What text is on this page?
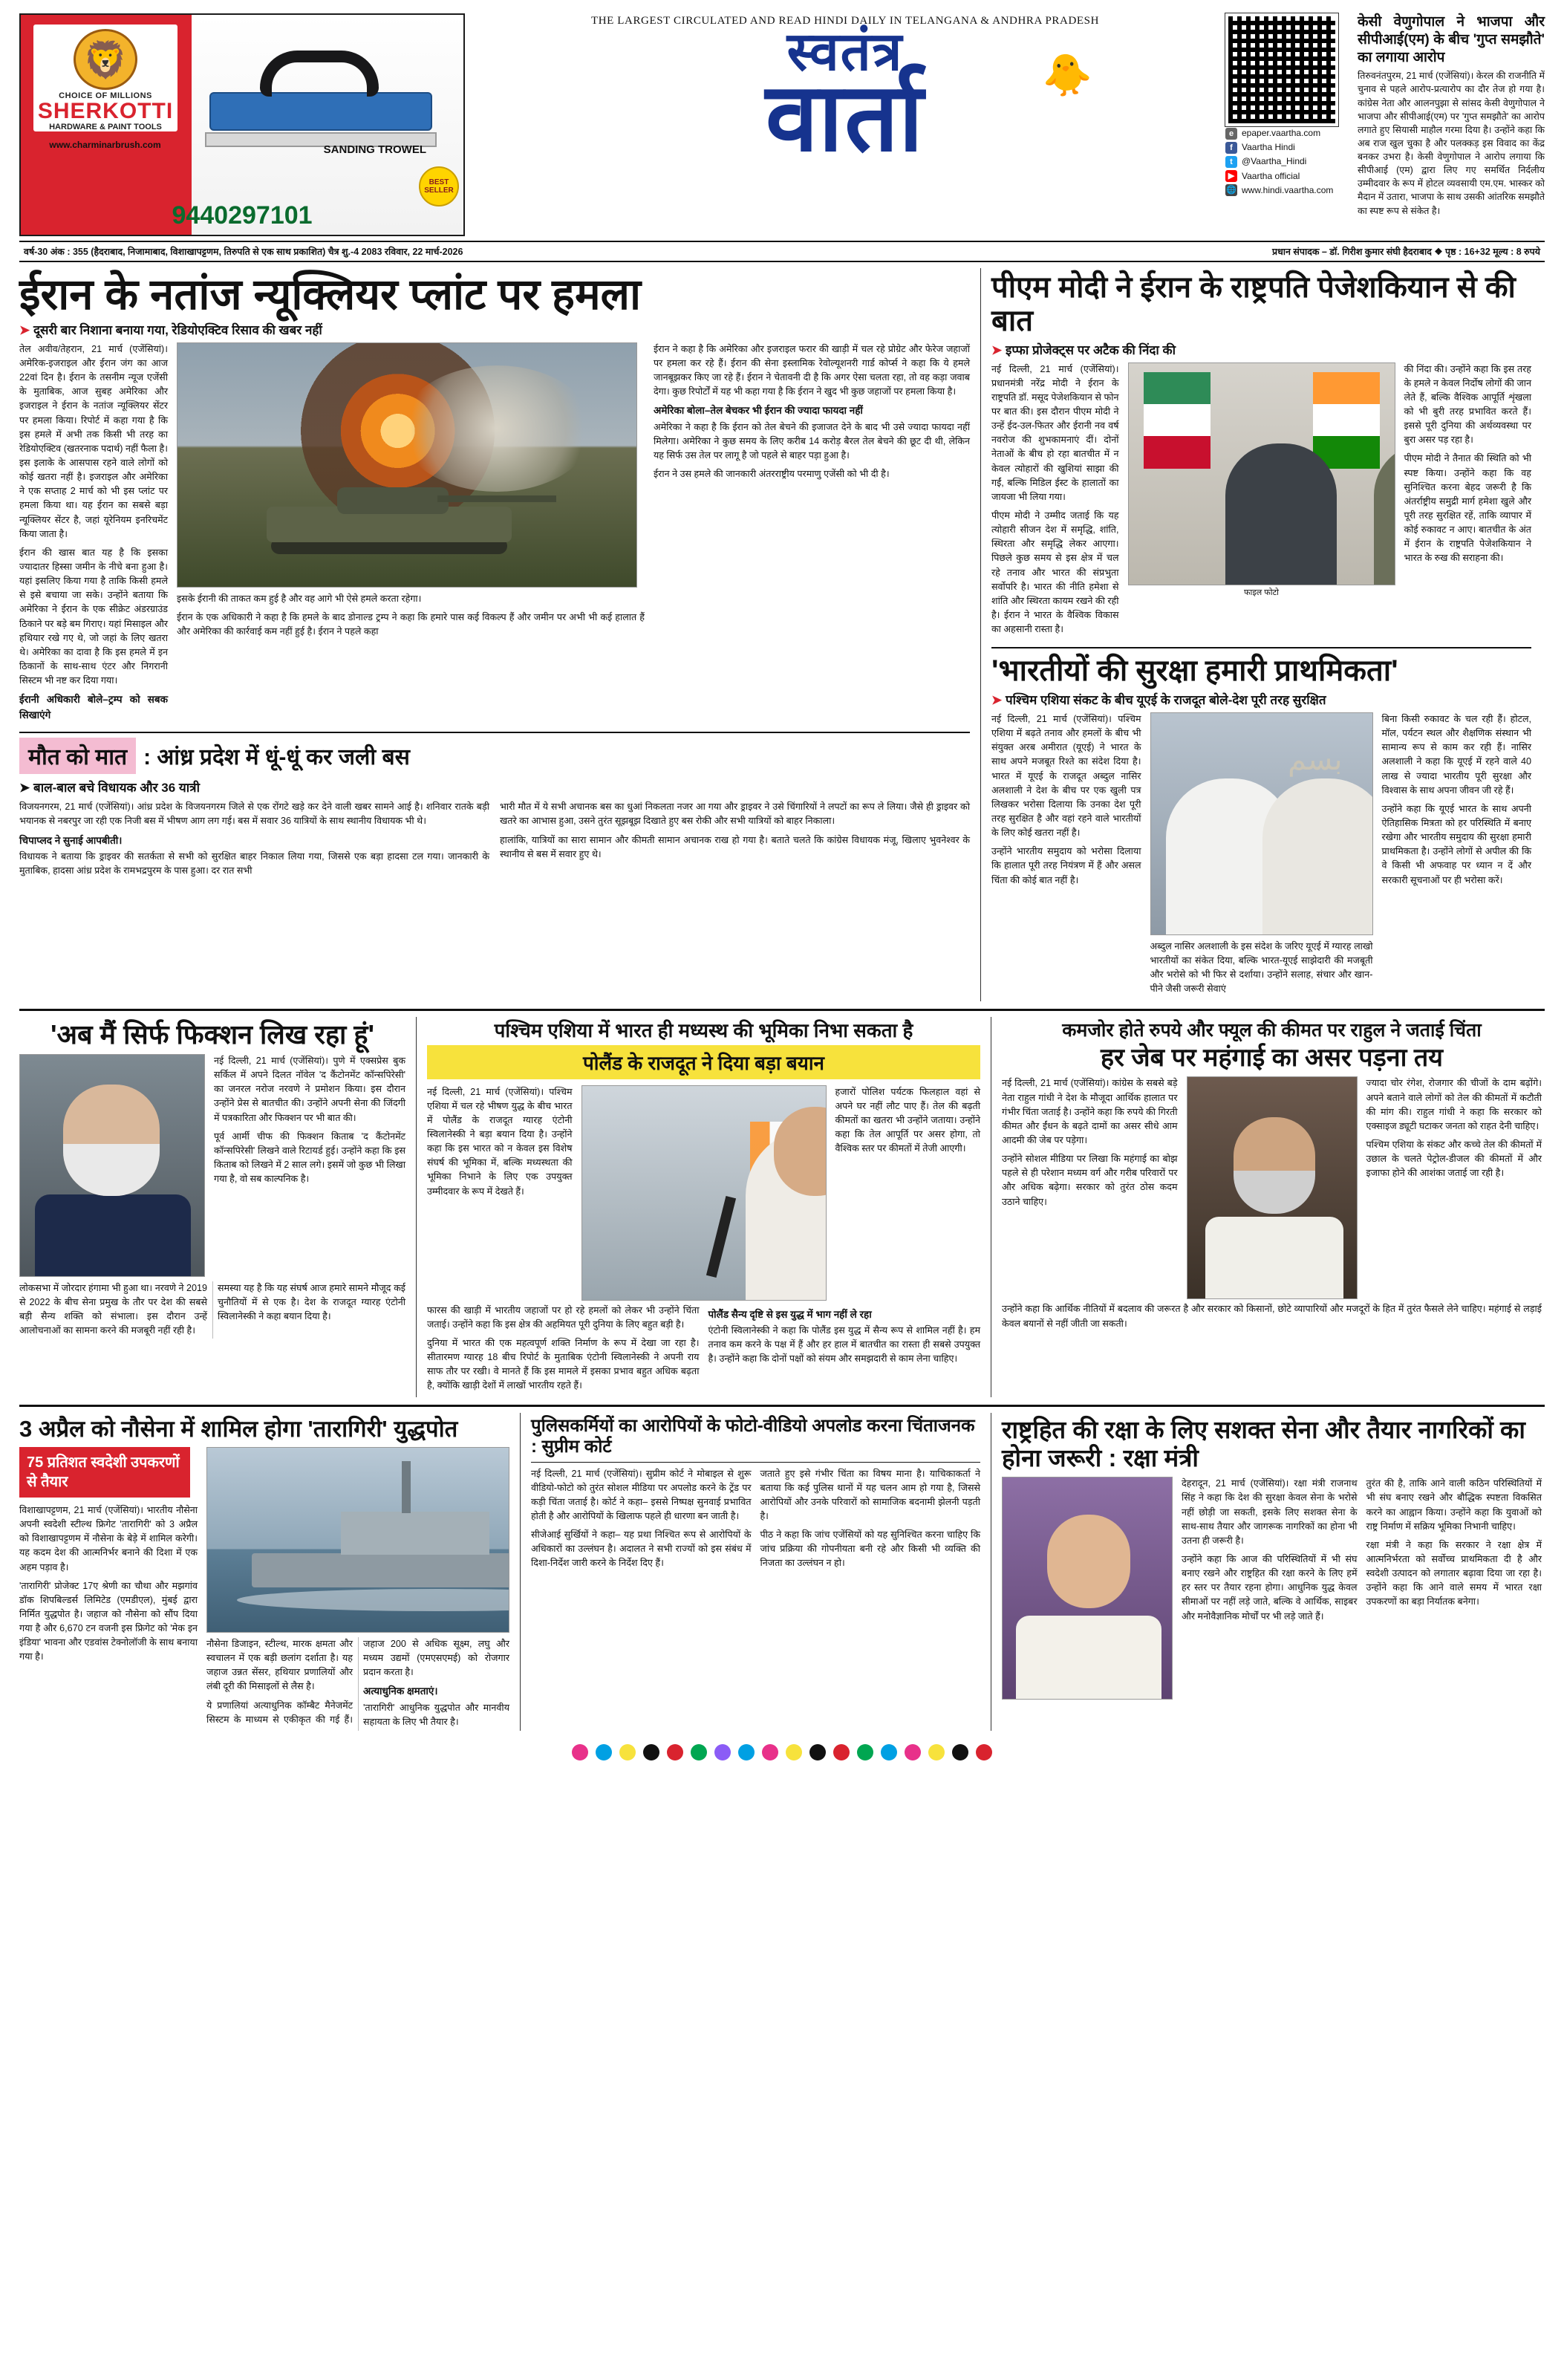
🦁
CHOICE OF MILLIONS
SHERKOTTI
HARDWARE & PAINT TOOLS
www.charminarbrush.com	SANDING TROWEL
BEST SELLER
9440297101
THE LARGEST CIRCULATED AND READ HINDI DAILY IN TELANGANA & ANDHRA PRADESH
स्वतंत्र
वार्ता	🐥
e epaper.vaartha.com
f	Vaartha Hindi
t	@Vaartha_Hindi
▶ Vaartha official
🌐 www.hindi.vaartha.com
केसी वेणुगोपाल ने भाजपा और सीपीआई(एम) के बीच 'गुप्त समझौते' का लगाया आरोप
तिरुवनंतपुरम, 21 मार्च (एजेंसियां)। केरल की राजनीति में चुनाव से पहले आरोप-प्रत्यारोप का दौर तेज हो गया है। कांग्रेस नेता और आलनपुझा से सांसद केसी वेणुगोपाल ने भाजपा और सीपीआई(एम) पर 'गुप्त समझौते' का आरोप लगाते हुए सियासी माहौल गरमा दिया है। उन्होंने कहा कि अब राज खुल चुका है और पलक्कड़ इस विवाद का केंद्र बनकर उभरा है। केसी वेणुगोपाल ने आरोप लगाया कि सीपीआई (एम) द्वारा लिए गए समर्थित निर्दलीय उम्मीदवार के रूप में होटल व्यवसायी एम.एम. भास्कर को मैदान में उतारा, भाजपा के साथ उसकी आंतरिक समझौते का स्पष्ट रूप से संकेत है।
वर्ष-30 अंक : 355 (हैदराबाद, निजामाबाद, विशाखापट्टणम, तिरुपति से एक साथ प्रकाशित) चैत्र शु.-4 2083 रविवार, 22 मार्च-2026	प्रधान संपादक – डॉ. गिरीश कुमार संघी हैदराबाद ❖ पृष्ठ : 16+32 मूल्य : 8 रुपये
ईरान के नतांज न्यूक्लियर प्लांट पर हमला
➤ दूसरी बार निशाना बनाया गया, रेडियोएक्टिव रिसाव की खबर नहीं

तेल अवीव/तेहरान, 21 मार्च (एजेंसियां)। अमेरिक-इजराइल और ईरान जंग का आज 22वां दिन है। ईरान के तसनीम न्यूज एजेंसी के मुताबिक, आज सुबह अमेरिका और इजराइल ने ईरान के नतांज न्यूक्लियर सेंटर पर हमला किया। रिपोर्ट में कहा गया है कि इस हमले में अभी तक किसी भी तरह का रेडियोएक्टिव (खतरनाक पदार्थ) नहीं फैला है। इस इलाके के आसपास रहने वाले लोगों को कोई खतरा नहीं है। इजराइल और अमेरिका ने एक सप्ताह 2 मार्च को भी इस प्लांट पर हमला किया था। यह ईरान का सबसे बड़ा न्यूक्लियर सेंटर है, जहां यूरेनियम इनरिचमेंट किया जाता है।

ईरान की खास बात यह है कि इसका ज्यादातर हिस्सा जमीन के नीचे बना हुआ है। यहां इसलिए किया गया है ताकि किसी हमले से इसे बचाया जा सके। उन्होंने बताया कि अमेरिका ने ईरान के एक सीक्रेट अंडरग्राउंड ठिकाने पर बड़े बम गिराए। यहां मिसाइल और हथियार रखे गए थे, जो जहां के लिए खतरा थे। अमेरिका का दावा है कि इस हमले में इन ठिकानों के साथ-साथ एंटर और निगरानी सिस्टम भी नष्ट कर दिया गया।

ईरानी अधिकारी बोले–ट्रम्प को सबक सिखाएंगे

इसके ईरानी की ताकत कम हुई है और वह आगे भी ऐसे हमले करता रहेगा।

ईरान के एक अधिकारी ने कहा है कि हमले के बाद डोनाल्ड ट्रम्प ने कहा कि हमारे पास कई विकल्प हैं और जमीन पर अभी भी कई हालात हैं और अमेरिका की कार्रवाई कम नहीं हुई है। ईरान ने पहले कहा

ईरान ने कहा है कि अमेरिका और इजराइल फरार की खाड़ी में चल रहे प्रोग्रेट और फेरेज जहाजों पर हमला कर रहे हैं। ईरान की सेना इस्लामिक रेवोल्यूशनरी गार्ड कोर्प्स ने कहा कि ये हमले जानबूझकर किए जा रहे हैं। ईरान ने चेतावनी दी है कि अगर ऐसा चलता रहा, तो वह कड़ा जवाब देगा। कुछ रिपोर्टों में यह भी कहा गया है कि ईरान ने खुद भी कुछ जहाजों पर हमला किया है।

अमेरिका बोला–तेल बेचकर भी ईरान की ज्यादा फायदा नहीं

अमेरिका ने कहा है कि ईरान को तेल बेचने की इजाजत देने के बाद भी उसे ज्यादा फायदा नहीं मिलेगा। अमेरिका ने कुछ समय के लिए करीब 14 करोड़ बैरल तेल बेचने की छूट दी थी, लेकिन यह सिर्फ उस तेल पर लागू है जो पहले से बाहर पड़ा हुआ है।

ईरान ने उस हमले की जानकारी अंतरराष्ट्रीय परमाणु एजेंसी को भी दी है।

मौत को मात : आंध्र प्रदेश में धूं-धूं कर जली बस
➤ बाल-बाल बचे विधायक और 36 यात्री

विजयनगरम, 21 मार्च (एजेंसियां)। आंध्र प्रदेश के विजयनगरम जिले से एक रोंगटे खड़े कर देने वाली खबर सामने आई है। शनिवार रातके बड़ी भयानक से नबरपुर जा रही एक निजी बस में भीषण आग लग गई। बस में सवार 36 यात्रियों के साथ स्थानीय विधायक भी थे।

चिपाप्लद ने सुनाई आपबीती।

विधायक ने बताया कि ड्राइवर की सतर्कता से सभी को सुरक्षित बाहर निकाल लिया गया, जिससे एक बड़ा हादसा टल गया। जानकारी के मुताबिक, हादसा आंध्र प्रदेश के रामभद्रपुरम के पास हुआ। दर रात सभी

भारी मौत में ये सभी अचानक बस का धुआं निकलता नजर आ गया और ड्राइवर ने उसे चिंगारियों ने लपटों का रूप ले लिया। जैसे ही ड्राइवर को खतरे का आभास हुआ, उसने तुरंत सूझबूझ दिखाते हुए बस रोकी और सभी यात्रियों को बाहर निकाला।

हालांकि, यात्रियों का सारा सामान और कीमती सामान अचानक राख हो गया है। बताते चलते कि कांग्रेस विधायक मंजू, खिलाए भुवनेश्वर के स्थानीय से बस में सवार हुए थे।

पीएम मोदी ने ईरान के राष्ट्रपति पेजेशकियान से की बात
➤ इप्फा प्रोजेक्ट्स पर अटैक की निंदा की

नई दिल्ली, 21 मार्च (एजेंसियां)। प्रधानमंत्री नरेंद्र मोदी ने ईरान के राष्ट्रपति डॉ. मसूद पेजेशकियान से फोन पर बात की। इस दौरान पीएम मोदी ने उन्हें ईद-उल-फितर और ईरानी नव वर्ष नवरोज की शुभकामनाएं दीं। दोनों नेताओं के बीच हो रहा बातचीत में न केवल त्योहारों की खुशियां साझा की गईं, बल्कि मिडिल ईस्ट के हालातों का जायजा भी लिया गया।

पीएम मोदी ने उम्मीद जताई कि यह त्योहारी सीजन देश में समृद्धि, शांति, स्थिरता और समृद्धि लेकर आएगा। पिछले कुछ समय से इस क्षेत्र में चल रहे तनाव और भारत की संप्रभुता सर्वोपरि है। भारत की नीति हमेशा से शांति और स्थिरता कायम रखने की रही है। ईरान ने भारत के वैश्विक विकास का अहसानी रास्ता है।

फाइल फोटो

की निंदा की। उन्होंने कहा कि इस तरह के हमले न केवल निर्दोष लोगों की जान लेते हैं, बल्कि वैश्विक आपूर्ति शृंखला को भी बुरी तरह प्रभावित करते हैं। इससे पूरी दुनिया की अर्थव्यवस्था पर बुरा असर पड़ रहा है।

पीएम मोदी ने तैनात की स्थिति को भी स्पष्ट किया। उन्होंने कहा कि वह सुनिश्चित करना बेहद जरूरी है कि अंतर्राष्ट्रीय समुद्री मार्ग हमेशा खुले और पूरी तरह सुरक्षित रहें, ताकि व्यापार में कोई रुकावट न आए। बातचीत के अंत में ईरान के राष्ट्रपति पेजेशकियान ने भारत के रुख की सराहना की।

'भारतीयों की सुरक्षा हमारी प्राथमिकता'
➤ पश्चिम एशिया संकट के बीच यूएई के राजदूत बोले-देश पूरी तरह सुरक्षित

नई दिल्ली, 21 मार्च (एजेंसियां)। पश्चिम एशिया में बढ़ते तनाव और हमलों के बीच भी संयुक्त अरब अमीरात (यूएई) ने भारत के साथ अपने मजबूत रिश्ते का संदेश दिया है। भारत में यूएई के राजदूत अब्दुल नासिर अलशाली ने देश के बीच पर एक खुली पत्र लिखकर भरोसा दिलाया कि उनका देश पूरी तरह सुरक्षित है और वहां रहने वाले भारतीयों के लिए कोई खतरा नहीं है।

उन्होंने भारतीय समुदाय को भरोसा दिलाया कि हालात पूरी तरह नियंत्रण में हैं और असल चिंता की कोई बात नहीं है।

بسم

अब्दुल नासिर अलशाली के इस संदेश के जरिए यूएई में ग्यारह लाखो भारतीयों का संकेत दिया, बल्कि भारत-यूएई साझेदारी की मजबूती और भरोसे को भी फिर से दर्शाया। उन्होंने सलाह, संचार और खान-पीने जैसी जरूरी सेवाएं

बिना किसी रुकावट के चल रही हैं। होटल, मॉल, पर्यटन स्थल और शैक्षणिक संस्थान भी सामान्य रूप से काम कर रही हैं। नासिर अलशाली ने कहा कि यूएई में रहने वाले 40 लाख से ज्यादा भारतीय पूरी सुरक्षा और विश्वास के साथ अपना जीवन जी रहे हैं।

उन्होंने कहा कि यूएई भारत के साथ अपनी ऐतिहासिक मित्रता को हर परिस्थिति में बनाए रखेगा और भारतीय समुदाय की सुरक्षा हमारी प्राथमिकता है। उन्होंने लोगों से अपील की कि वे किसी भी अफवाह पर ध्यान न दें और सरकारी सूचनाओं पर ही भरोसा करें।

'अब मैं सिर्फ फिक्शन लिख रहा हूं'

नई दिल्ली, 21 मार्च (एजेंसियां)। पुणे में एक्सप्रेस बुक सर्किल में अपने दिलत नॉवेल 'द कैंटोनमेंट कॉन्सपिरेसी' का जनरल नरोज नरवणे ने प्रमोशन किया। इस दौरान उन्होंने प्रेस से बातचीत की। उन्होंने अपनी सेना की जिंदगी में पत्रकारिता और फिक्शन पर भी बात की।

पूर्व आर्मी चीफ की फिक्शन किताब 'द कैंटोनमेंट कॉन्सपिरेसी' लिखने वाले रिटायर्ड हुई। उन्होंने कहा कि इस किताब को लिखने में 2 साल लगे। इसमें जो कुछ भी लिखा गया है, वो सब काल्पनिक है।

लोकसभा में जोरदार हंगामा भी हुआ था। नरवणे ने 2019 से 2022 के बीच सेना प्रमुख के तौर पर देश की सबसे बड़ी सैन्य शक्ति को संभाला। इस दौरान उन्हें आलोचनाओं का सामना करने की मजबूरी नहीं रही है।

समस्या यह है कि यह संघर्ष आज हमारे सामने मौजूद कई चुनौतियों में से एक है। देश के राजदूत ग्यारह एंटोनी स्विलानेस्की ने कहा बयान दिया है।

पश्चिम एशिया में भारत ही मध्यस्थ की भूमिका निभा सकता है
पोलैंड के राजदूत ने दिया बड़ा बयान

नई दिल्ली, 21 मार्च (एजेंसियां)। पश्चिम एशिया में चल रहे भीषण युद्ध के बीच भारत में पोलैंड के राजदूत ग्यारह एंटोनी स्विलानेस्की ने बड़ा बयान दिया है। उन्होंने कहा कि इस भारत को न केवल इस विशेष संघर्ष की भूमिका में, बल्कि मध्यस्थता की भूमिका निभाने के लिए एक उपयुक्त उम्मीदवार के रूप में देखते हैं।

हजारों पोलिश पर्यटक फिलहाल वहां से अपने घर नहीं लौट पाए हैं। तेल की बढ़ती कीमतों का खतरा भी उन्होंने जताया। उन्होंने कहा कि तेल आपूर्ति पर असर होगा, तो वैश्विक स्तर पर कीमतों में तेजी आएगी।

फारस की खाड़ी में भारतीय जहाजों पर हो रहे हमलों को लेकर भी उन्होंने चिंता जताई। उन्होंने कहा कि इस क्षेत्र की अहमियत पूरी दुनिया के लिए बहुत बड़ी है।

दुनिया में भारत की एक महत्वपूर्ण शक्ति निर्माण के रूप में देखा जा रहा है। सीतारमण ग्यारह 18 बीच रिपोर्ट के मुताबिक एंटोनी स्विलानेस्की ने अपनी राय साफ तौर पर रखी। वे मानते हैं कि इस मामले में इसका प्रभाव बहुत अधिक बढ़ता है, क्योंकि खाड़ी देशों में लाखों भारतीय रहते हैं।

पोलैंड सैन्य दृष्टि से इस युद्ध में भाग नहीं ले रहा

एंटोनी स्विलानेस्की ने कहा कि पोलैंड इस युद्ध में सैन्य रूप से शामिल नहीं है। हम तनाव कम करने के पक्ष में हैं और हर हाल में बातचीत का रास्ता ही सबसे उपयुक्त है। उन्होंने कहा कि दोनों पक्षों को संयम और समझदारी से काम लेना चाहिए।

कमजोर होते रुपये और फ्यूल की कीमत पर राहुल ने जताई चिंता
हर जेब पर महंगाई का असर पड़ना तय

नई दिल्ली, 21 मार्च (एजेंसियां)। कांग्रेस के सबसे बड़े नेता राहुल गांधी ने देश के मौजूदा आर्थिक हालात पर गंभीर चिंता जताई है। उन्होंने कहा कि रुपये की गिरती कीमत और ईंधन के बढ़ते दामों का असर सीधे आम आदमी की जेब पर पड़ेगा।

उन्होंने सोशल मीडिया पर लिखा कि महंगाई का बोझ पहले से ही परेशान मध्यम वर्ग और गरीब परिवारों पर और अधिक बढ़ेगा। सरकार को तुरंत ठोस कदम उठाने चाहिए।

ज्यादा चोर रंगेश, रोजगार की चीजों के दाम बढ़ोंगे। अपने बताने वाले लोगों को तेल की कीमतों में कटौती की मांग की। राहुल गांधी ने कहा कि सरकार को एक्साइज ड्यूटी घटाकर जनता को राहत देनी चाहिए।

पश्चिम एशिया के संकट और कच्चे तेल की कीमतों में उछाल के चलते पेट्रोल-डीजल की कीमतों में और इजाफा होने की आशंका जताई जा रही है।

उन्होंने कहा कि आर्थिक नीतियों में बदलाव की जरूरत है और सरकार को किसानों, छोटे व्यापारियों और मजदूरों के हित में तुरंत फैसले लेने चाहिए। महंगाई से लड़ाई केवल बयानों से नहीं जीती जा सकती।

3 अप्रैल को नौसेना में शामिल होगा 'तारागिरी' युद्धपोत
75 प्रतिशत स्वदेशी उपकरणों से तैयार

विशाखापट्टणम, 21 मार्च (एजेंसियां)। भारतीय नौसेना अपनी स्वदेशी स्टील्थ फ्रिगेट 'तारागिरी' को 3 अप्रैल को विशाखापट्टणम में नौसेना के बेड़े में शामिल करेगी। यह कदम देश की आत्मनिर्भर बनाने की दिशा में एक अहम पड़ाव है।

'तारागिरी' प्रोजेक्ट 17ए श्रेणी का चौथा और मझगांव डॉक शिपबिल्डर्स लिमिटेड (एमडीएल), मुंबई द्वारा निर्मित युद्धपोत है। जहाज को नौसेना को सौंप दिया गया है और 6,670 टन वजनी इस फ्रिगेट को 'मेक इन इंडिया' भावना और एडवांस टेक्नोलॉजी के साथ बनाया गया है।

नौसेना डिजाइन, स्टील्थ, मारक क्षमता और स्वचालन में एक बड़ी छलांग दर्शाता है। यह जहाज उन्नत सेंसर, हथियार प्रणालियों और लंबी दूरी की मिसाइलों से लैस है।

ये प्रणालियां अत्याधुनिक कॉम्बैट मैनेजमेंट सिस्टम के माध्यम से एकीकृत की गई हैं। जहाज 200 से अधिक सूक्ष्म, लघु और मध्यम उद्यमों (एमएसएमई) को रोजगार प्रदान करता है।

अत्याधुनिक क्षमताएं।

'तारागिरी' आधुनिक युद्धपोत और मानवीय सहायता के लिए भी तैयार है।

पुलिसकर्मियों का आरोपियों के फोटो-वीडियो अपलोड करना चिंताजनक : सुप्रीम कोर्ट

नई दिल्ली, 21 मार्च (एजेंसियां)। सुप्रीम कोर्ट ने मोबाइल से शुरू वीडियो-फोटो को तुरंत सोशल मीडिया पर अपलोड करने के ट्रेंड पर कड़ी चिंता जताई है। कोर्ट ने कहा– इससे निष्पक्ष सुनवाई प्रभावित होती है और आरोपियों के खिलाफ पहले ही धारणा बन जाती है।

सीजेआई सुर्खियों ने कहा– यह प्रथा निश्चित रूप से आरोपियों के अधिकारों का उल्लंघन है। अदालत ने सभी राज्यों को इस संबंध में दिशा-निर्देश जारी करने के निर्देश दिए हैं।

जताते हुए इसे गंभीर चिंता का विषय माना है। याचिकाकर्ता ने बताया कि कई पुलिस थानों में यह चलन आम हो गया है, जिससे आरोपियों और उनके परिवारों को सामाजिक बदनामी झेलनी पड़ती है।

पीठ ने कहा कि जांच एजेंसियों को यह सुनिश्चित करना चाहिए कि जांच प्रक्रिया की गोपनीयता बनी रहे और किसी भी व्यक्ति की निजता का उल्लंघन न हो।

राष्ट्रहित की रक्षा के लिए सशक्त सेना और तैयार नागरिकों का होना जरूरी : रक्षा मंत्री

देहरादून, 21 मार्च (एजेंसियां)। रक्षा मंत्री राजनाथ सिंह ने कहा कि देश की सुरक्षा केवल सेना के भरोसे नहीं छोड़ी जा सकती, इसके लिए सशक्त सेना के साथ-साथ तैयार और जागरूक नागरिकों का होना भी उतना ही जरूरी है।

उन्होंने कहा कि आज की परिस्थितियों में भी संघ बनाए रखने और राष्ट्रहित की रक्षा करने के लिए हमें हर स्तर पर तैयार रहना होगा। आधुनिक युद्ध केवल सीमाओं पर नहीं लड़े जाते, बल्कि वे आर्थिक, साइबर और मनोवैज्ञानिक मोर्चों पर भी लड़े जाते हैं।

तुरंत की है, ताकि आने वाली कठिन परिस्थितियों में भी संघ बनाए रखने और बौद्धिक स्पष्टता विकसित करने का आह्वान किया। उन्होंने कहा कि युवाओं को राष्ट्र निर्माण में सक्रिय भूमिका निभानी चाहिए।

रक्षा मंत्री ने कहा कि सरकार ने रक्षा क्षेत्र में आत्मनिर्भरता को सर्वोच्च प्राथमिकता दी है और स्वदेशी उत्पादन को लगातार बढ़ावा दिया जा रहा है। उन्होंने कहा कि आने वाले समय में भारत रक्षा उपकरणों का बड़ा निर्यातक बनेगा।
